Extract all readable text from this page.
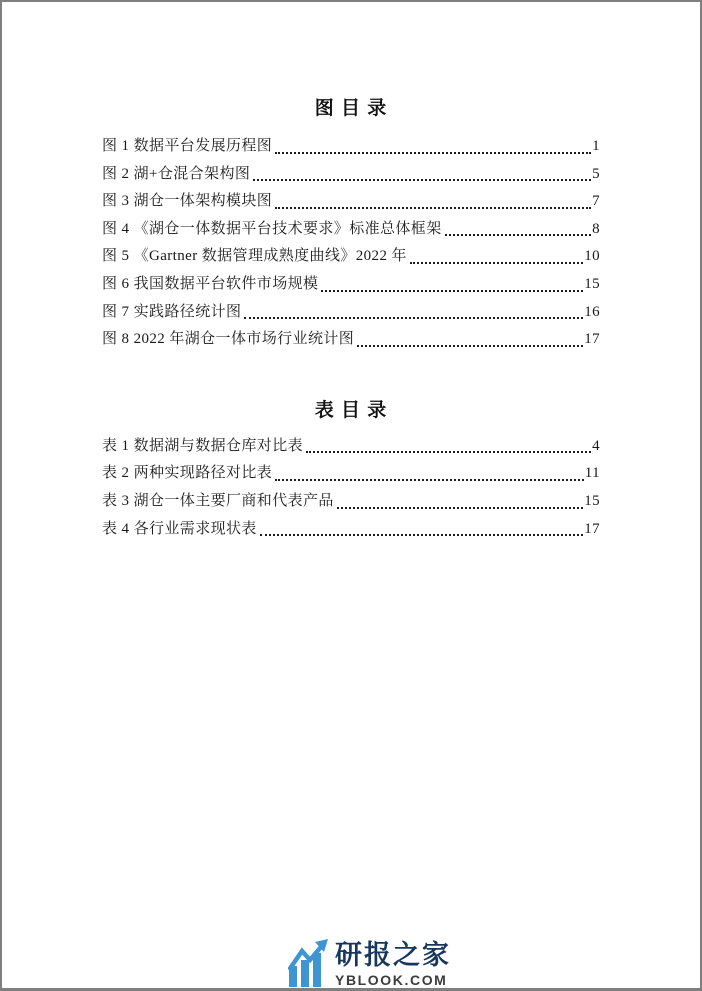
图 目 录
图 1 数据平台发展历程图	1
图 2 湖+仓混合架构图	5
图 3 湖仓一体架构模块图	7
图 4 《湖仓一体数据平台技术要求》标准总体框架	8
图 5 《Gartner 数据管理成熟度曲线》2022 年	10
图 6 我国数据平台软件市场规模	15
图 7 实践路径统计图	16
图 8 2022 年湖仓一体市场行业统计图	17
表 目 录
表 1 数据湖与数据仓库对比表	4
表 2 两种实现路径对比表	11
表 3 湖仓一体主要厂商和代表产品	15
表 4 各行业需求现状表	17
研报之家
YBLOOK.COM
